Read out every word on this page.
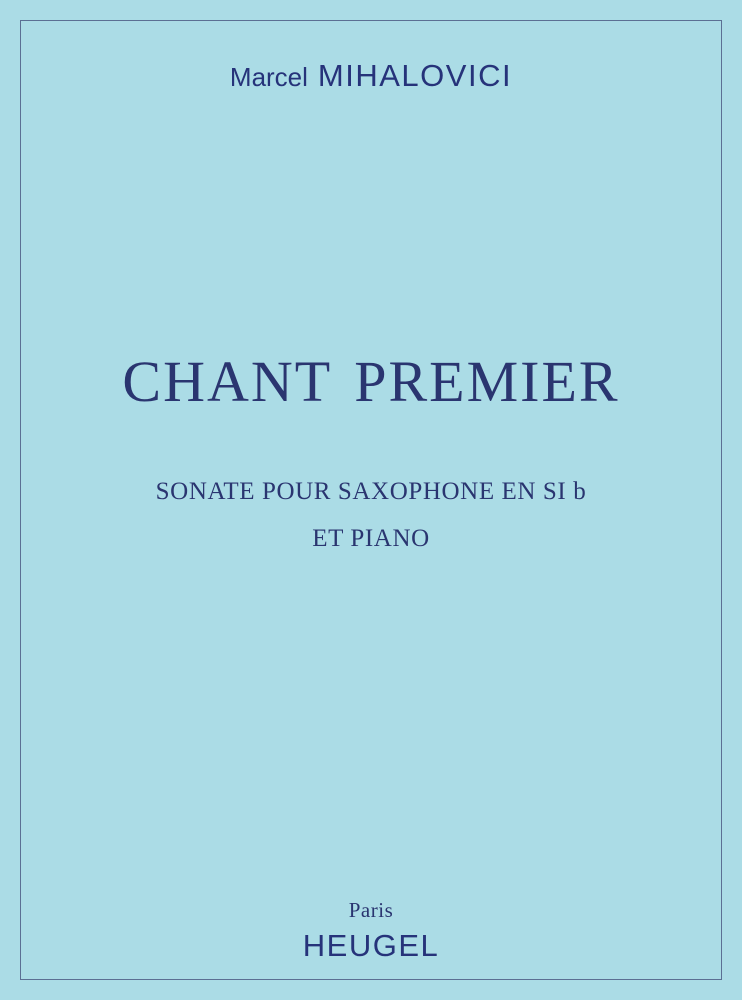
Marcel MIHALOVICI
CHANT PREMIER
SONATE POUR SAXOPHONE EN SI b
ET PIANO
Paris
HEUGEL
